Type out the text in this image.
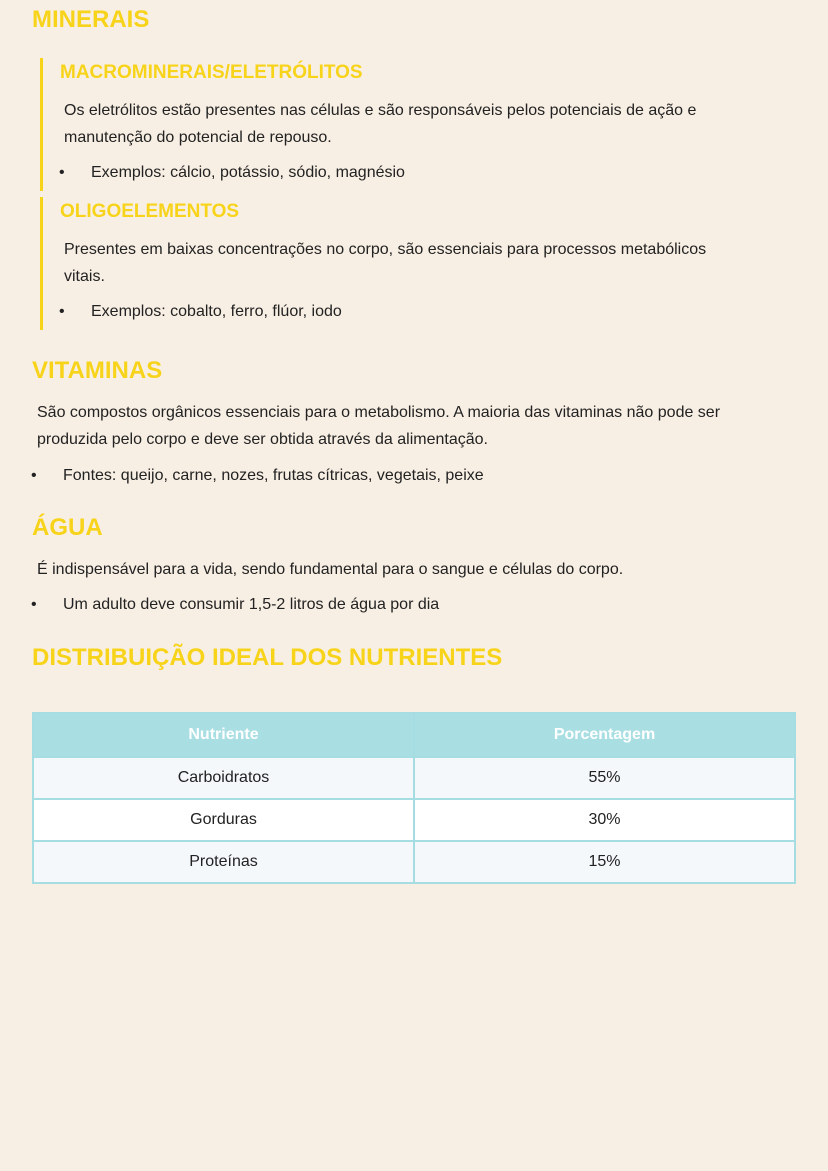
MINERAIS
MACROMINERAIS/ELETRÓLITOS

Os eletrólitos estão presentes nas células e são responsáveis pelos potenciais de ação e

manutenção do potencial de repouso.

•	Exemplos: cálcio, potássio, sódio, magnésio
OLIGOELEMENTOS

Presentes em baixas concentrações no corpo, são essenciais para processos metabólicos

vitais.

•	Exemplos: cobalto, ferro, flúor, iodo
VITAMINAS

São compostos orgânicos essenciais para o metabolismo. A maioria das vitaminas não pode ser

produzida pelo corpo e deve ser obtida através da alimentação.

•	Fontes: queijo, carne, nozes, frutas cítricas, vegetais, peixe
ÁGUA

É indispensável para a vida, sendo fundamental para o sangue e células do corpo.

•	Um adulto deve consumir 1,5-2 litros de água por dia
DISTRIBUIÇÃO IDEAL DOS NUTRIENTES
Nutriente	Porcentagem
Carboidratos	55%
Gorduras	30%
Proteínas	15%
